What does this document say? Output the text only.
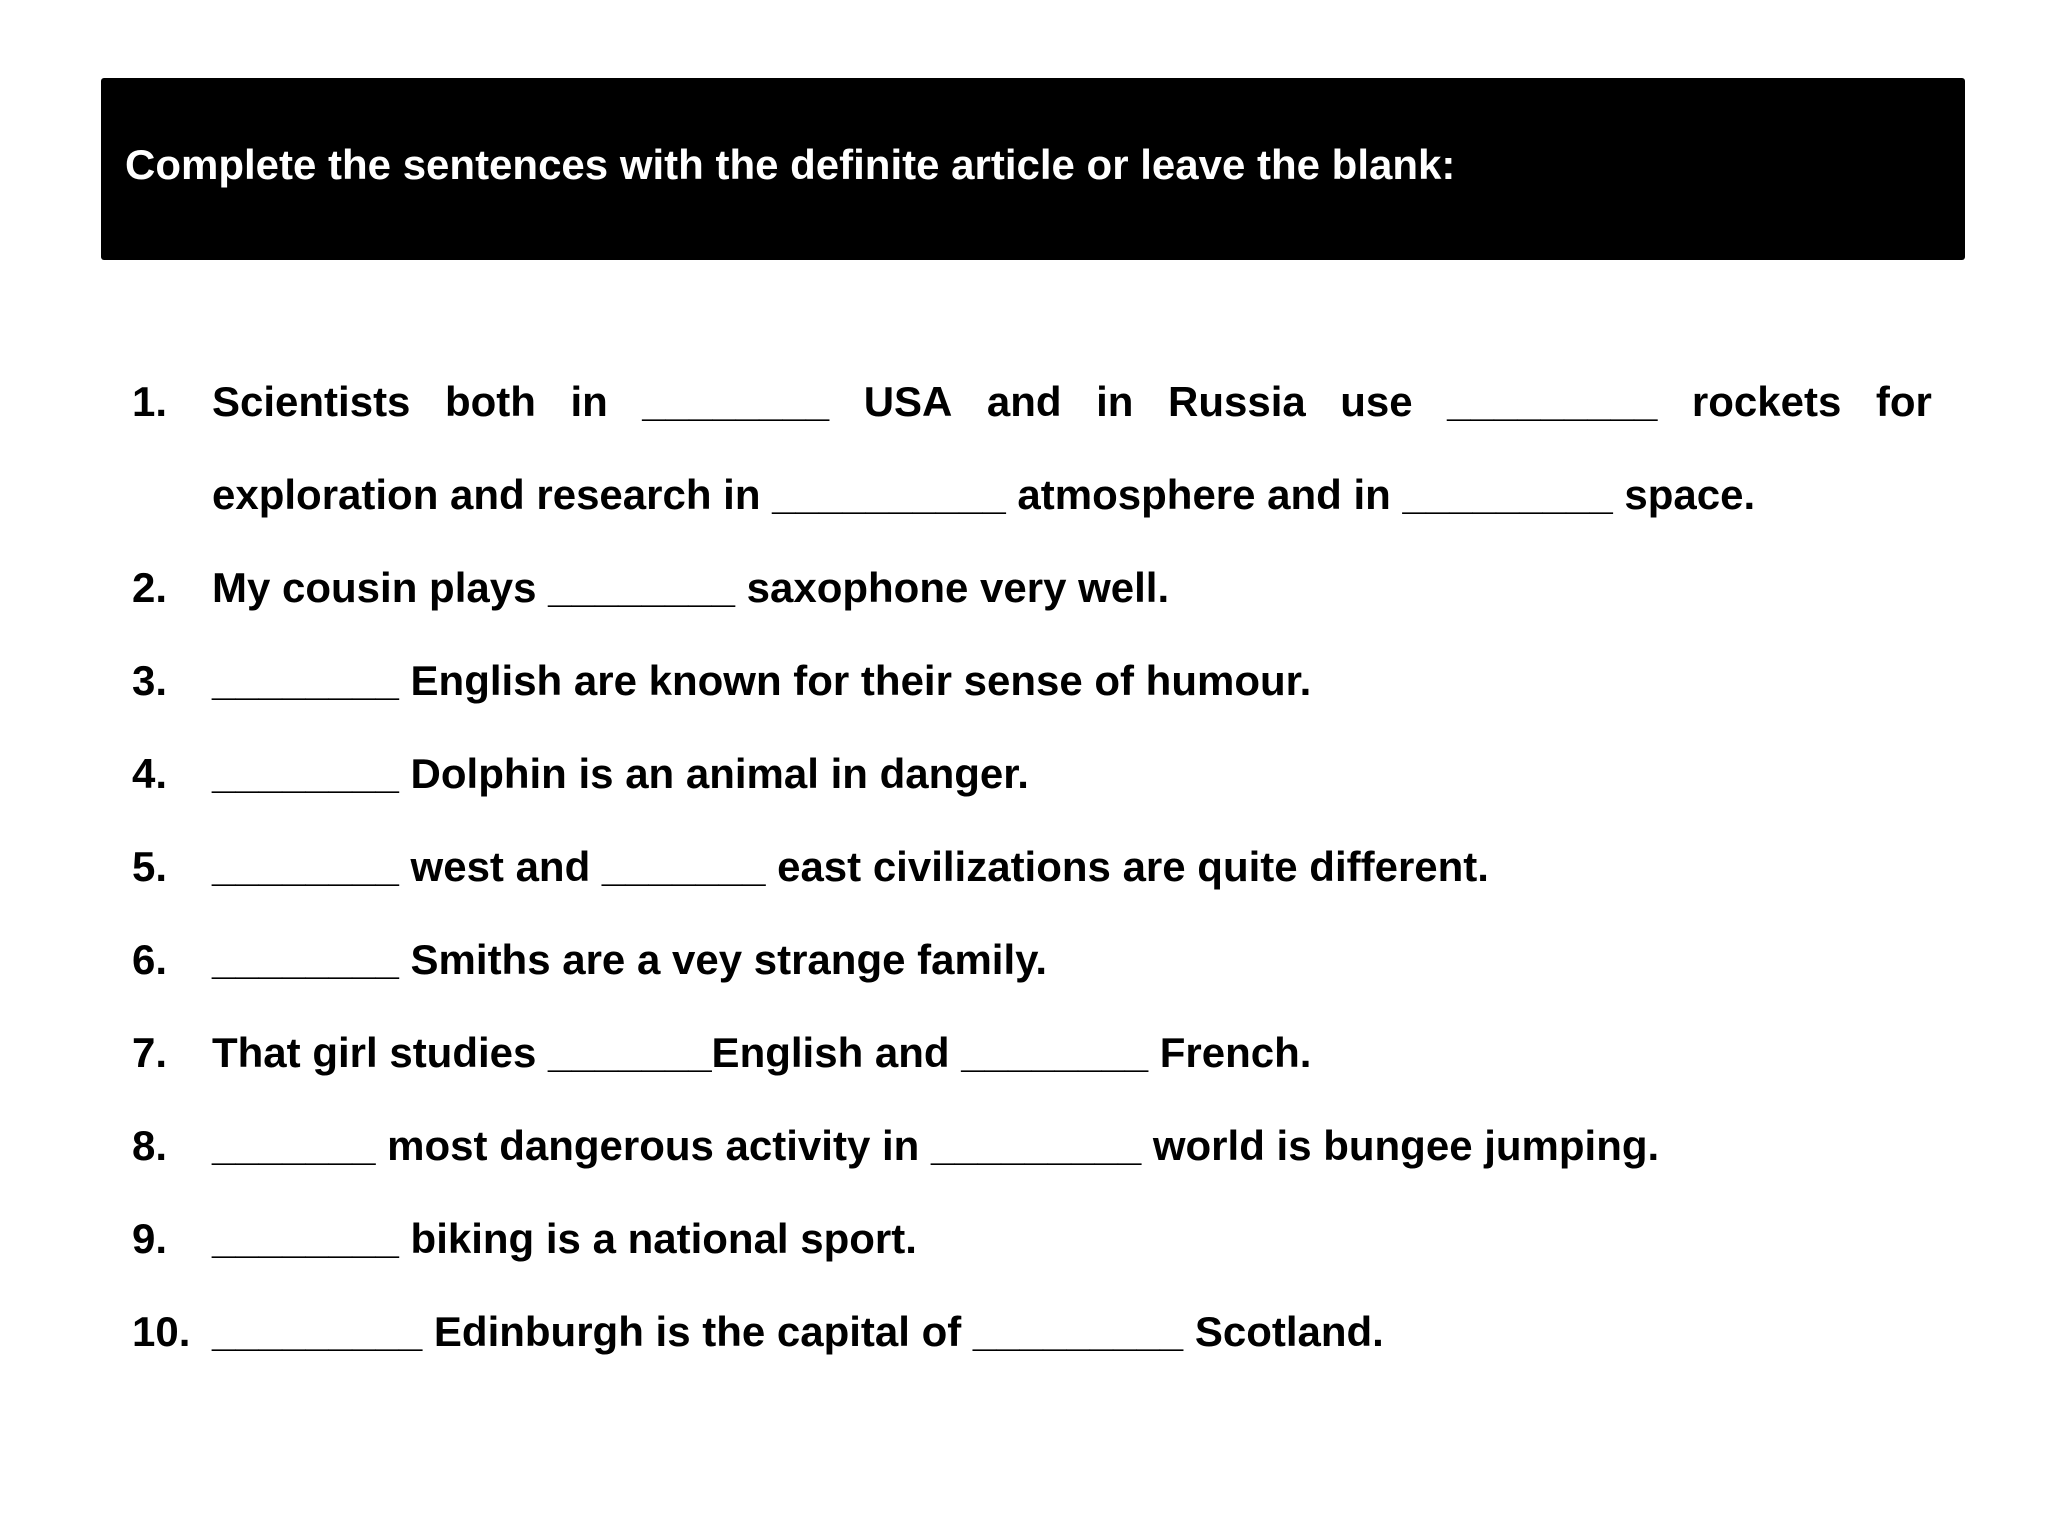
Complete the sentences with the definite article or leave the blank:
1.	Scientists both in ________ USA and in Russia use _________ rockets for
exploration and research in __________ atmosphere and in _________ space.
2.	My cousin plays ________ saxophone very well.
3.	________ English are known for their sense of humour.
4.	________ Dolphin is an animal in danger.
5.	________ west and _______ east civilizations are quite different.
6.	________ Smiths are a vey strange family.
7.	That girl studies _______English and ________ French.
8.	_______ most dangerous activity in _________ world is bungee jumping.
9.	________ biking is a national sport.
10. _________ Edinburgh is the capital of _________ Scotland.
